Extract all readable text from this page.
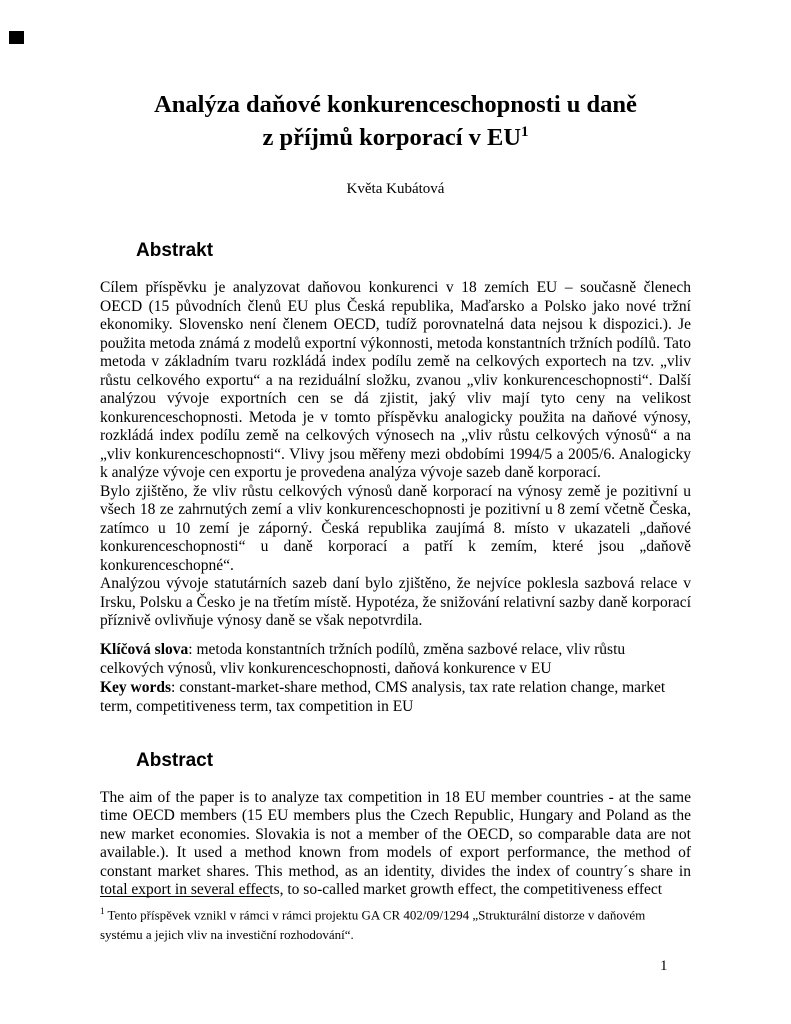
Analýza daňové konkurenceschopnosti u daně
z příjmů korporací v $EU^1$
Květa Kubátová
Abstrakt

Cílem příspěvku je analyzovat daňovou konkurenci v 18 zemích EU – současně členech OECD (15 původních členů EU plus Česká republika, Maďarsko a Polsko jako nové tržní ekonomiky. Slovensko není členem OECD, tudíž porovnatelná data nejsou k dispozici.). Je použita metoda známá z modelů exportní výkonnosti, metoda konstantních tržních podílů. Tato metoda v základním tvaru rozkládá index podílu země na celkových exportech na tzv. „vliv růstu celkového exportu“ a na reziduální složku, zvanou „vliv konkurenceschopnosti“. Další analýzou vývoje exportních cen se dá zjistit, jaký vliv mají tyto ceny na velikost konkurenceschopnosti. Metoda je v tomto příspěvku analogicky použita na daňové výnosy, rozkládá index podílu země na celkových výnosech na „vliv růstu celkových výnosů“ a na „vliv konkurenceschopnosti“. Vlivy jsou měřeny mezi obdobími 1994/5 a 2005/6. Analogicky k analýze vývoje cen exportu je provedena analýza vývoje sazeb daně korporací.

Bylo zjištěno, že vliv růstu celkových výnosů daně korporací na výnosy země je pozitivní u všech 18 ze zahrnutých zemí a vliv konkurenceschopnosti je pozitivní u 8 zemí včetně Česka, zatímco u 10 zemí je záporný. Česká republika zaujímá 8. místo v ukazateli „daňové konkurenceschopnosti“ u daně korporací a patří k zemím, které jsou „daňově konkurenceschopné“.

Analýzou vývoje statutárních sazeb daní bylo zjištěno, že nejvíce poklesla sazbová relace v Irsku, Polsku a Česko je na třetím místě. Hypotéza, že snižování relativní sazby daně korporací příznivě ovlivňuje výnosy daně se však nepotvrdila.

Klíčová slova: metoda konstantních tržních podílů, změna sazbové relace, vliv růstu celkových výnosů, vliv konkurenceschopnosti, daňová konkurence v EU

Key words: constant-market-share method, CMS analysis, tax rate relation change, market term, competitiveness term, tax competition in EU

Abstract

The aim of the paper is to analyze tax competition in 18 EU member countries - at the same time OECD members (15 EU members plus the Czech Republic, Hungary and Poland as the new market economies. Slovakia is not a member of the OECD, so comparable data are not available.). It used a method known from models of export performance, the method of constant market shares. This method, as an identity, divides the index of country´s share in total export in several effects, to so-called market growth effect, the competitiveness effect

$^1$ Tento příspěvek vznikl v rámci v rámci projektu GA CR 402/09/1294 „Strukturální distorze v daňovém systému a jejich vliv na investiční rozhodování“.
1
